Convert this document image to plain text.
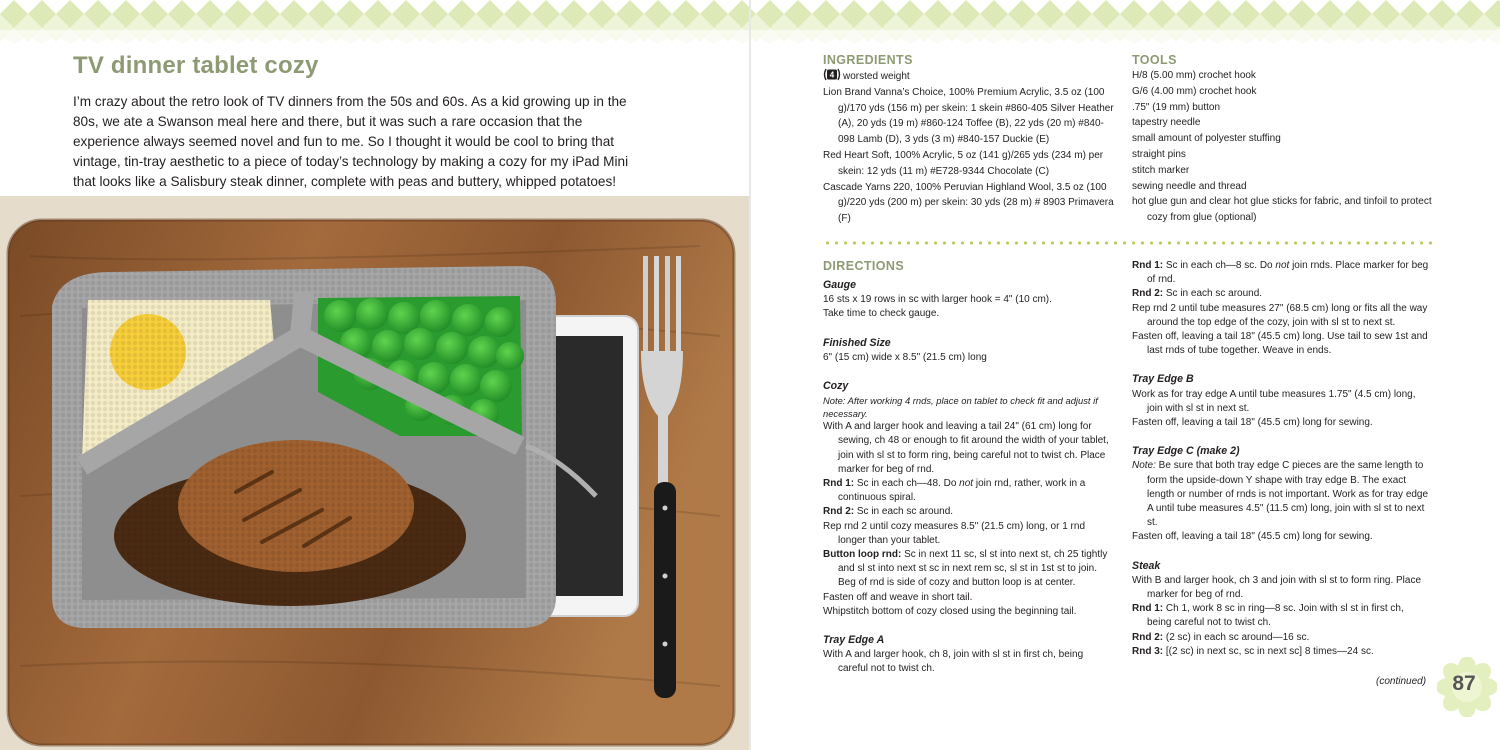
TV dinner tablet cozy

I’m crazy about the retro look of TV dinners from the 50s and 60s. As a kid growing up in the 80s, we ate a Swanson meal here and there, but it was such a rare occasion that the experience always seemed novel and fun to me. So I thought it would be cool to bring that vintage, tin-tray aesthetic to a piece of today’s technology by making a cozy for my iPad Mini that looks like a Salisbury steak dinner, complete with peas and buttery, whipped potatoes!

INGREDIENTS

4 worsted weight

Lion Brand Vanna’s Choice, 100% Premium Acrylic, 3.5 oz (100 g)/170 yds (156 m) per skein: 1 skein #860-405 Silver Heather (A), 20 yds (19 m) #860-124 Toffee (B), 22 yds (20 m) #840-098 Lamb (D), 3 yds (3 m) #840-157 Duckie (E)

Red Heart Soft, 100% Acrylic, 5 oz (141 g)/265 yds (234 m) per skein: 12 yds (11 m) #E728-9344 Chocolate (C)

Cascade Yarns 220, 100% Peruvian Highland Wool, 3.5 oz (100 g)/220 yds (200 m) per skein: 30 yds (28 m) # 8903 Primavera (F)

TOOLS

H/8 (5.00 mm) crochet hook

G/6 (4.00 mm) crochet hook

.75" (19 mm) button

tapestry needle

small amount of polyester stuffing

straight pins

stitch marker

sewing needle and thread

hot glue gun and clear hot glue sticks for fabric, and tinfoil to protect cozy from glue (optional)

DIRECTIONS

Gauge

16 sts x 19 rows in sc with larger hook = 4" (10 cm).

Take time to check gauge.

Finished Size

6" (15 cm) wide x 8.5" (21.5 cm) long

Cozy

Note: After working 4 rnds, place on tablet to check fit and adjust if necessary.

With A and larger hook and leaving a tail 24" (61 cm) long for sewing, ch 48 or enough to fit around the width of your tablet, join with sl st to form ring, being careful not to twist ch. Place marker for beg of rnd.

Rnd 1: Sc in each ch—48. Do not join rnd, rather, work in a continuous spiral.

Rnd 2: Sc in each sc around.

Rep rnd 2 until cozy measures 8.5" (21.5 cm) long, or 1 rnd longer than your tablet.

Button loop rnd: Sc in next 11 sc, sl st into next st, ch 25 tightly and sl st into next st sc in next rem sc, sl st in 1st st to join. Beg of rnd is side of cozy and button loop is at center.

Fasten off and weave in short tail.

Whipstitch bottom of cozy closed using the beginning tail.

Tray Edge A

With A and larger hook, ch 8, join with sl st in first ch, being careful not to twist ch.

Rnd 1: Sc in each ch—8 sc. Do not join rnds. Place marker for beg of rnd.

Rnd 2: Sc in each sc around.

Rep rnd 2 until tube measures 27" (68.5 cm) long or fits all the way around the top edge of the cozy, join with sl st to next st.

Fasten off, leaving a tail 18" (45.5 cm) long. Use tail to sew 1st and last rnds of tube together. Weave in ends.

Tray Edge B

Work as for tray edge A until tube measures 1.75" (4.5 cm) long, join with sl st in next st.

Fasten off, leaving a tail 18" (45.5 cm) long for sewing.

Tray Edge C (make 2)

Note: Be sure that both tray edge C pieces are the same length to form the upside-down Y shape with tray edge B. The exact length or number of rnds is not important. Work as for tray edge A until tube measures 4.5" (11.5 cm) long, join with sl st to next st.

Fasten off, leaving a tail 18" (45.5 cm) long for sewing.

Steak

With B and larger hook, ch 3 and join with sl st to form ring. Place marker for beg of rnd.

Rnd 1: Ch 1, work 8 sc in ring—8 sc. Join with sl st in first ch, being careful not to twist ch.

Rnd 2: (2 sc) in each sc around—16 sc.

Rnd 3: [(2 sc) in next sc, sc in next sc] 8 times—24 sc.

(continued)	87
